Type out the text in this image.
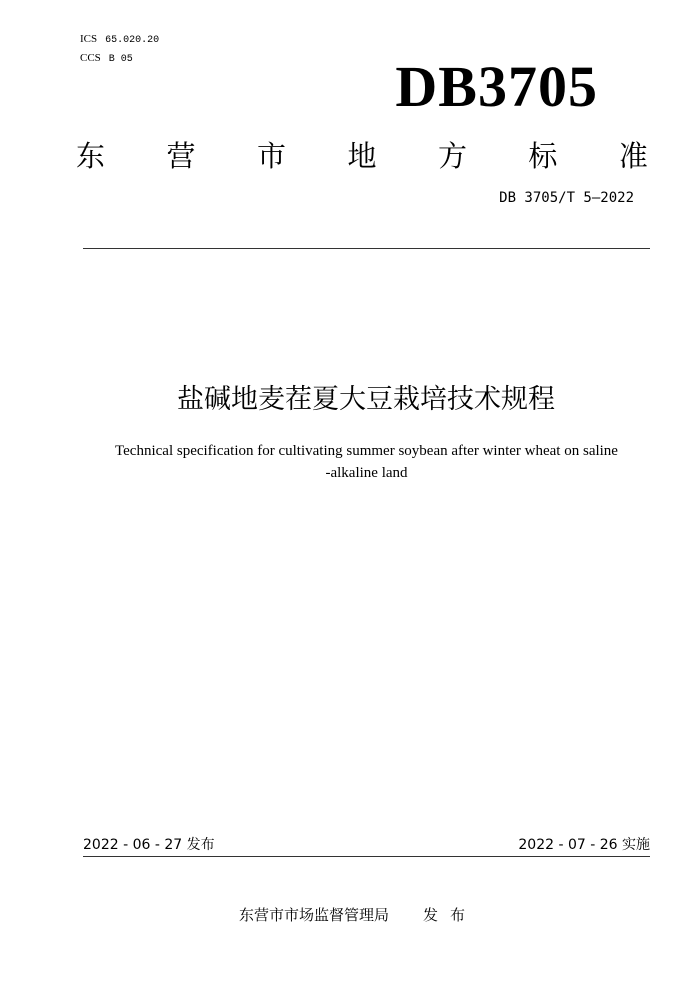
ICS 65.020.20
CCS B 05	DB3705
东 营 市 地 方 标 准
DB 3705/T 5—2022
盐碱地麦茬夏大豆栽培技术规程
Technical specification for cultivating summer soybean after winter wheat on saline
-alkaline land
2022 - 06 - 27 发布	2022 - 07 - 26 实施
东营市市场监督管理局 发布
